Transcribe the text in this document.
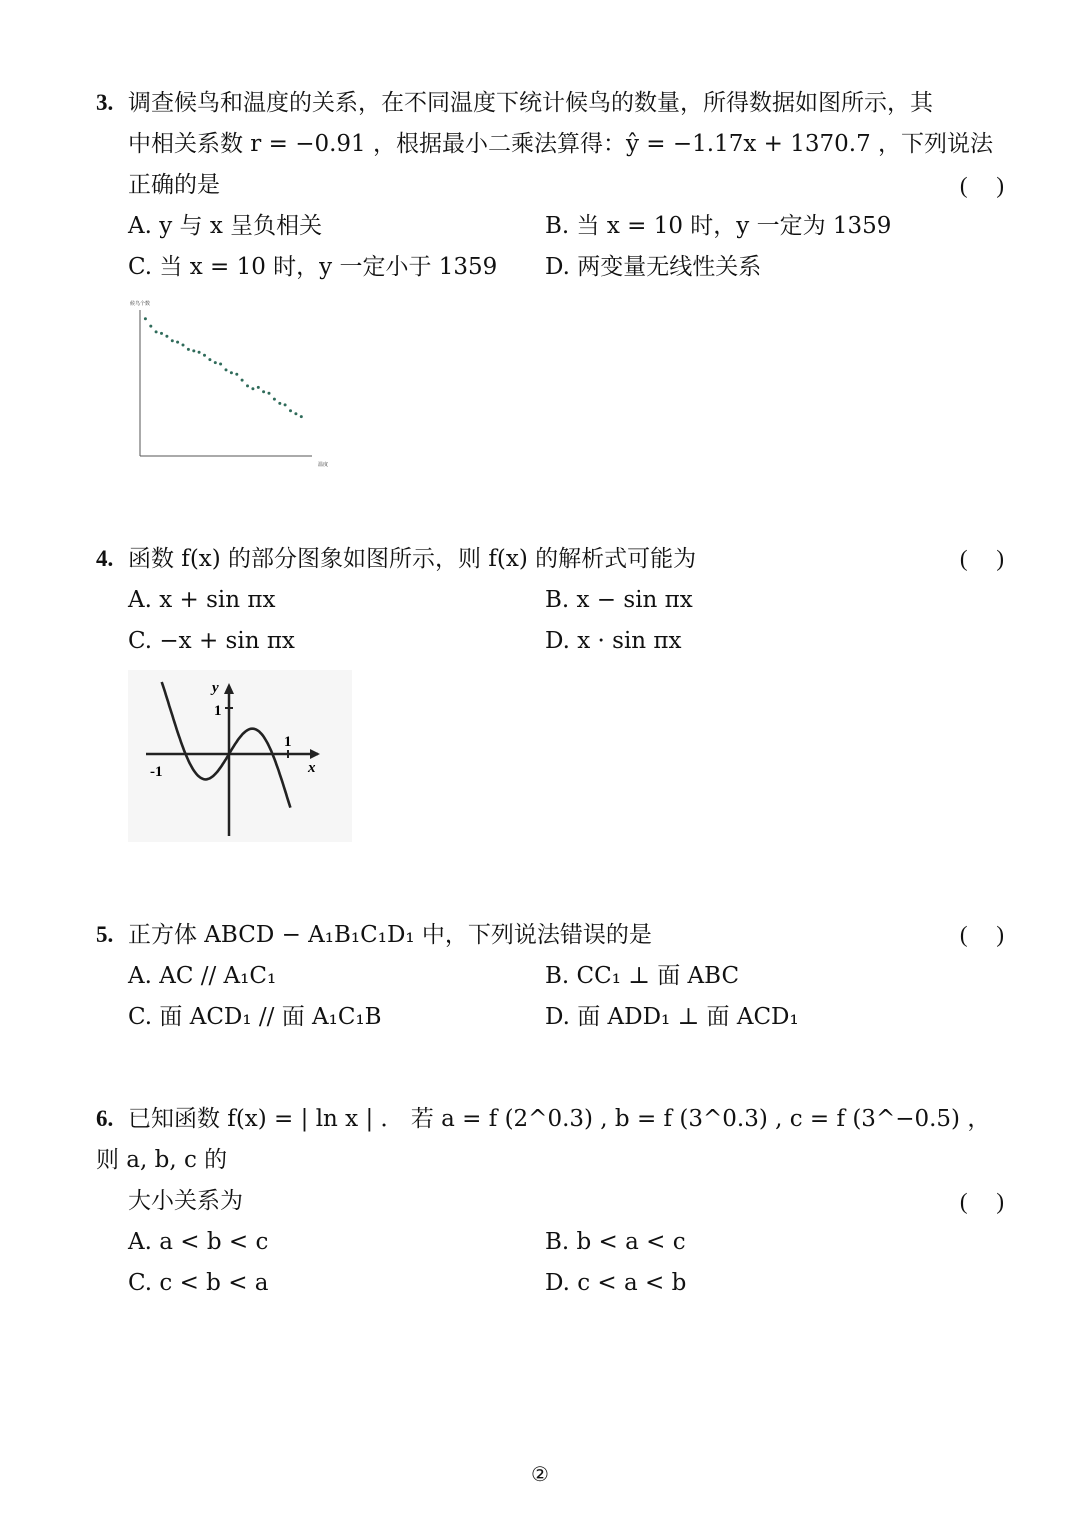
3. 调查候鸟和温度的关系，在不同温度下统计候鸟的数量，所得数据如图所示，其
中相关系数 r = −0.91 ，根据最小二乘法算得：ŷ = −1.17x + 1370.7 ，下列说法
正确的是	(     )
A. y 与 x 呈负相关	B. 当 x = 10 时，y 一定为 1359
C. 当 x = 10 时，y 一定小于 1359	D. 两变量无线性关系
候鸟个数
温度
4. 函数 f(x) 的部分图象如图所示，则 f(x) 的解析式可能为	(     )
A. x + sin πx	B. x − sin πx
C. −x + sin πx	D. x · sin πx
y
x
1
1
-1
5. 正方体 ABCD − A₁B₁C₁D₁ 中，下列说法错误的是	(     )
A. AC // A₁C₁	B. CC₁ ⊥ 面 ABC
C. 面 ACD₁ // 面 A₁C₁B	D. 面 ADD₁ ⊥ 面 ACD₁
6. 已知函数 f(x) = | ln x | ． 若 a = f (2^0.3) , b = f (3^0.3) , c = f (3^−0.5) ，则 a, b, c 的
大小关系为	(     )
A. a < b < c	B. b < a < c
C. c < b < a	D. c < a < b
②
